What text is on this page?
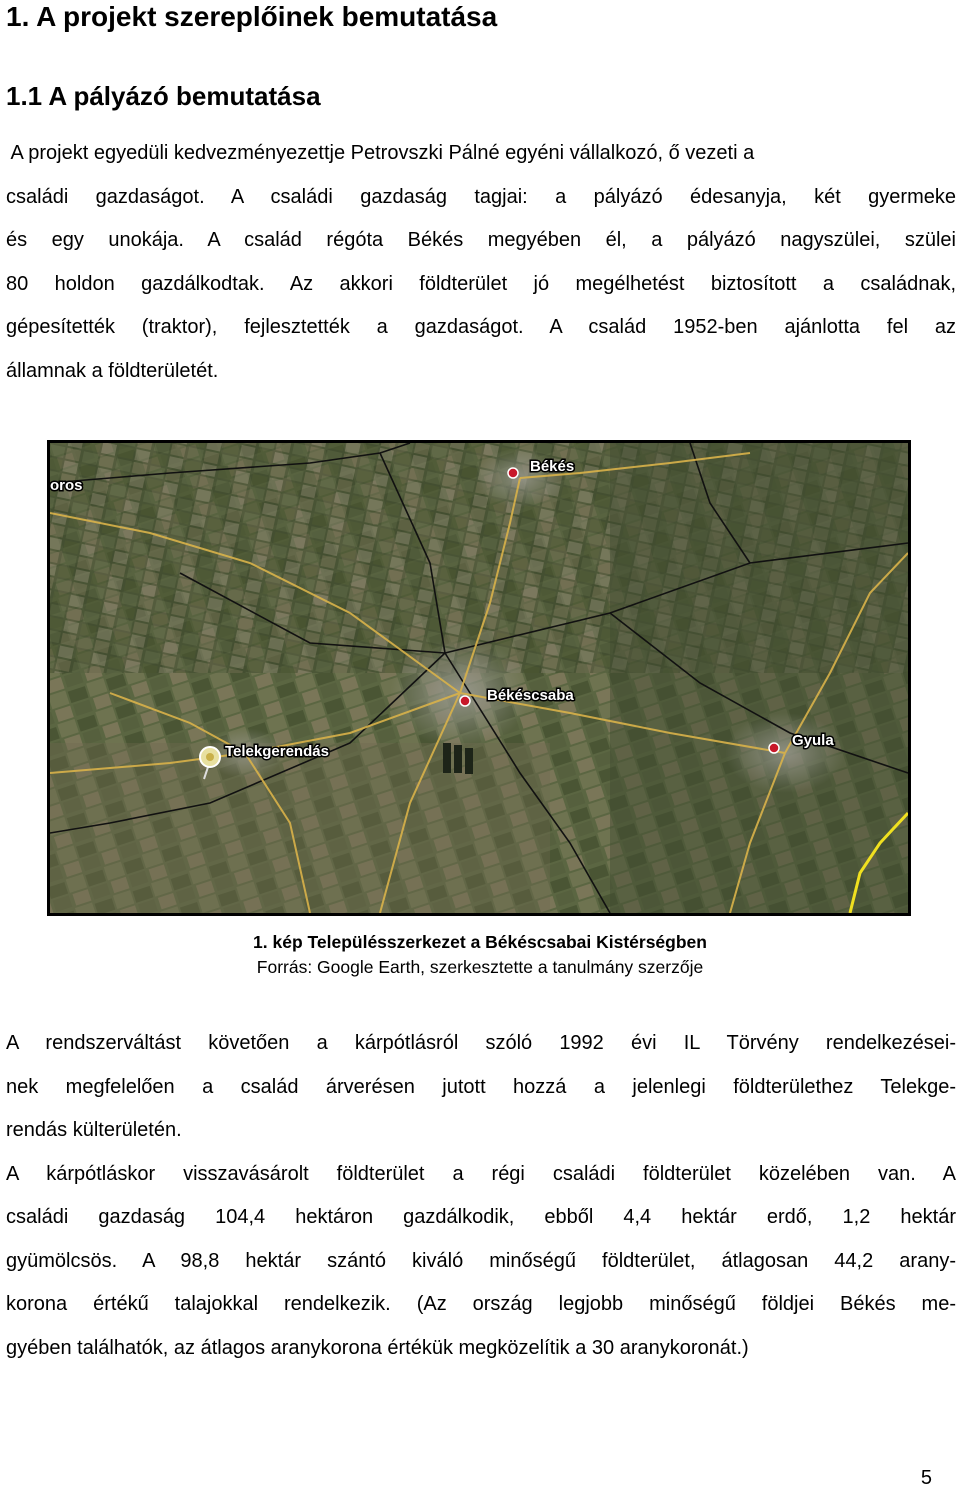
1. A projekt szereplőinek bemutatása
1.1 A pályázó bemutatása

A projekt egyedüli kedvezményezettje Petrovszki Pálné egyéni vállalkozó, ő vezeti a

családi gazdaságot. A családi gazdaság tagjai: a pályázó édesanyja, két gyermeke

és egy unokája. A család régóta Békés megyében él, a pályázó nagyszülei, szülei

80 holdon gazdálkodtak. Az akkori földterület jó megélhetést biztosított a családnak,

gépesítették (traktor), fejlesztették a gazdaságot. A család 1952-ben ajánlotta fel az

államnak a földterületét.

Békés
Békéscsaba
Gyula
Telekgerendás
oros
1. kép Településszerkezet a Békéscsabai Kistérségben
Forrás: Google Earth, szerkesztette a tanulmány szerzője

A rendszerváltást követően a kárpótlásról szóló 1992 évi IL Törvény rendelkezései-

nek megfelelően a család árverésen jutott hozzá a jelenlegi földterülethez Telekge-

rendás külterületén.

A kárpótláskor visszavásárolt földterület a régi családi földterület közelében van. A

családi gazdaság 104,4 hektáron gazdálkodik, ebből 4,4 hektár erdő, 1,2 hektár

gyümölcsös. A 98,8 hektár szántó kiváló minőségű földterület, átlagosan 44,2 arany-

korona értékű talajokkal rendelkezik. (Az ország legjobb minőségű földjei Békés me-

gyében találhatók, az átlagos aranykorona értékük megközelítik a 30 aranykoronát.)

5
